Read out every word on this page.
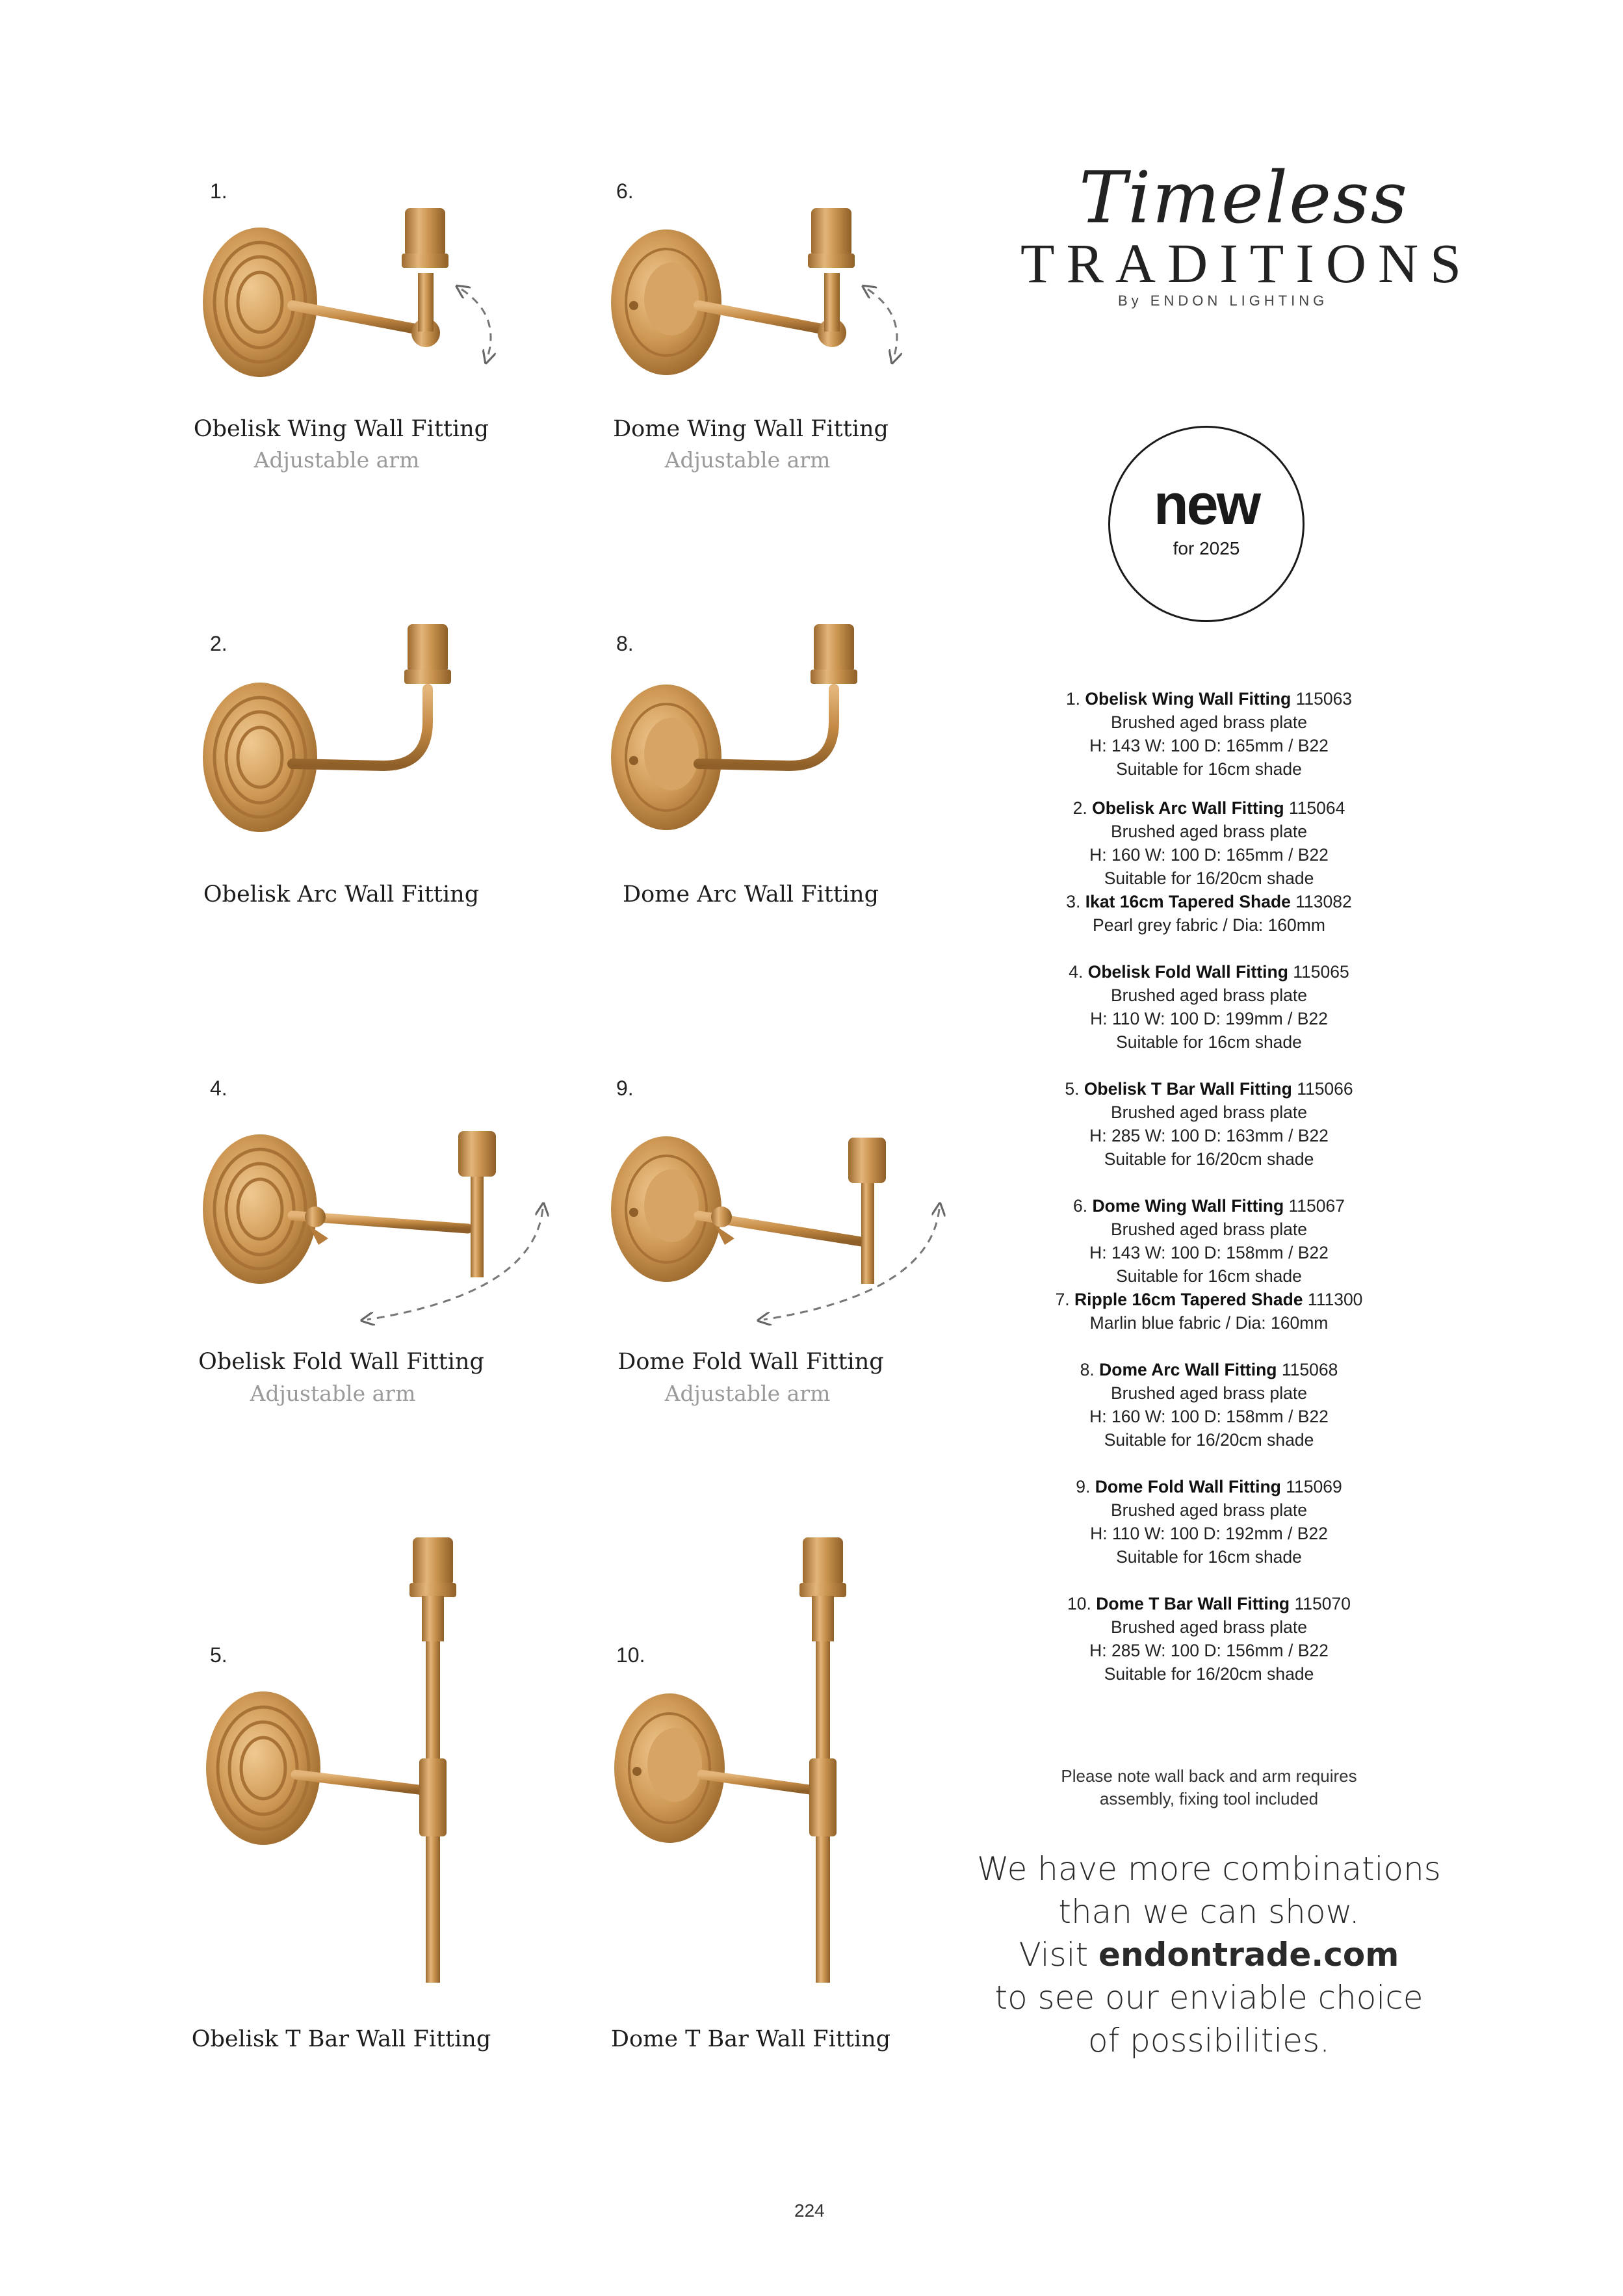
1.
Obelisk Wing Wall Fitting
Adjustable arm
6.
Dome Wing Wall Fitting
Adjustable arm
2.
Obelisk Arc Wall Fitting
8.
Dome Arc Wall Fitting
4.
Obelisk Fold Wall Fitting
Adjustable arm
9.
Dome Fold Wall Fitting
Adjustable arm
5.
Obelisk T Bar Wall Fitting
10.
Dome T Bar Wall Fitting
Timeless
TRADITIONS
By ENDON LIGHTING
new
for 2025
1. Obelisk Wing Wall Fitting 115063
Brushed aged brass plate
H: 143 W: 100 D: 165mm / B22
Suitable for 16cm shade
2. Obelisk Arc Wall Fitting 115064
Brushed aged brass plate
H: 160 W: 100 D: 165mm / B22
Suitable for 16/20cm shade
3. Ikat 16cm Tapered Shade 113082
Pearl grey fabric / Dia: 160mm
4. Obelisk Fold Wall Fitting 115065
Brushed aged brass plate
H: 110 W: 100 D: 199mm / B22
Suitable for 16cm shade
5. Obelisk T Bar Wall Fitting 115066
Brushed aged brass plate
H: 285 W: 100 D: 163mm / B22
Suitable for 16/20cm shade
6. Dome Wing Wall Fitting 115067
Brushed aged brass plate
H: 143 W: 100 D: 158mm / B22
Suitable for 16cm shade
7. Ripple 16cm Tapered Shade 111300
Marlin blue fabric / Dia: 160mm
8. Dome Arc Wall Fitting 115068
Brushed aged brass plate
H: 160 W: 100 D: 158mm / B22
Suitable for 16/20cm shade
9. Dome Fold Wall Fitting 115069
Brushed aged brass plate
H: 110 W: 100 D: 192mm / B22
Suitable for 16cm shade
10. Dome T Bar Wall Fitting 115070
Brushed aged brass plate
H: 285 W: 100 D: 156mm / B22
Suitable for 16/20cm shade
Please note wall back and arm requires
assembly, fixing tool included
We have more combinations
than we can show.
Visit endontrade.com
to see our enviable choice
of possibilities.
224
